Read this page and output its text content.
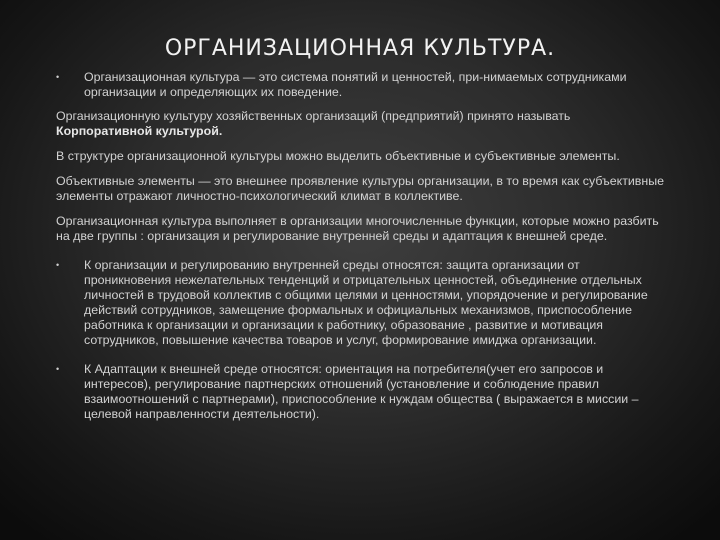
ОРГАНИЗАЦИОННАЯ КУЛЬТУРА.
• Организационная культура — это система понятий и ценностей, при-нимаемых сотрудниками организации и определяющих их поведение.

Организационную культуру хозяйственных организаций (предприятий) принято называть Корпоративной культурой.

В структуре организационной культуры можно выделить объективные и субъективные элементы.

Объективные элементы — это внешнее проявление культуры организации, в то время как субъективные элементы отражают личностно-психологический климат в коллективе.

Организационная культура выполняет в организации многочисленные функции, которые можно разбить на две группы : организация и регулирование внутренней среды и адаптация к внешней среде.

• К организации и регулированию внутренней среды относятся: защита организации от проникновения нежелательных тенденций и отрицательных ценностей, объединение отдельных личностей в трудовой коллектив с общими целями и ценностями, упорядочение и регулирование действий сотрудников, замещение формальных и официальных механизмов, приспособление работника к организации и организации к работнику, образование , развитие и мотивация сотрудников, повышение качества товаров и услуг, формирование имиджа организации.
• К Адаптации к внешней среде относятся: ориентация на потребителя(учет его запросов и интересов), регулирование партнерских отношений (установление и соблюдение правил взаимоотношений с партнерами), приспособление к нуждам общества ( выражается в миссии – целевой направленности деятельности).
